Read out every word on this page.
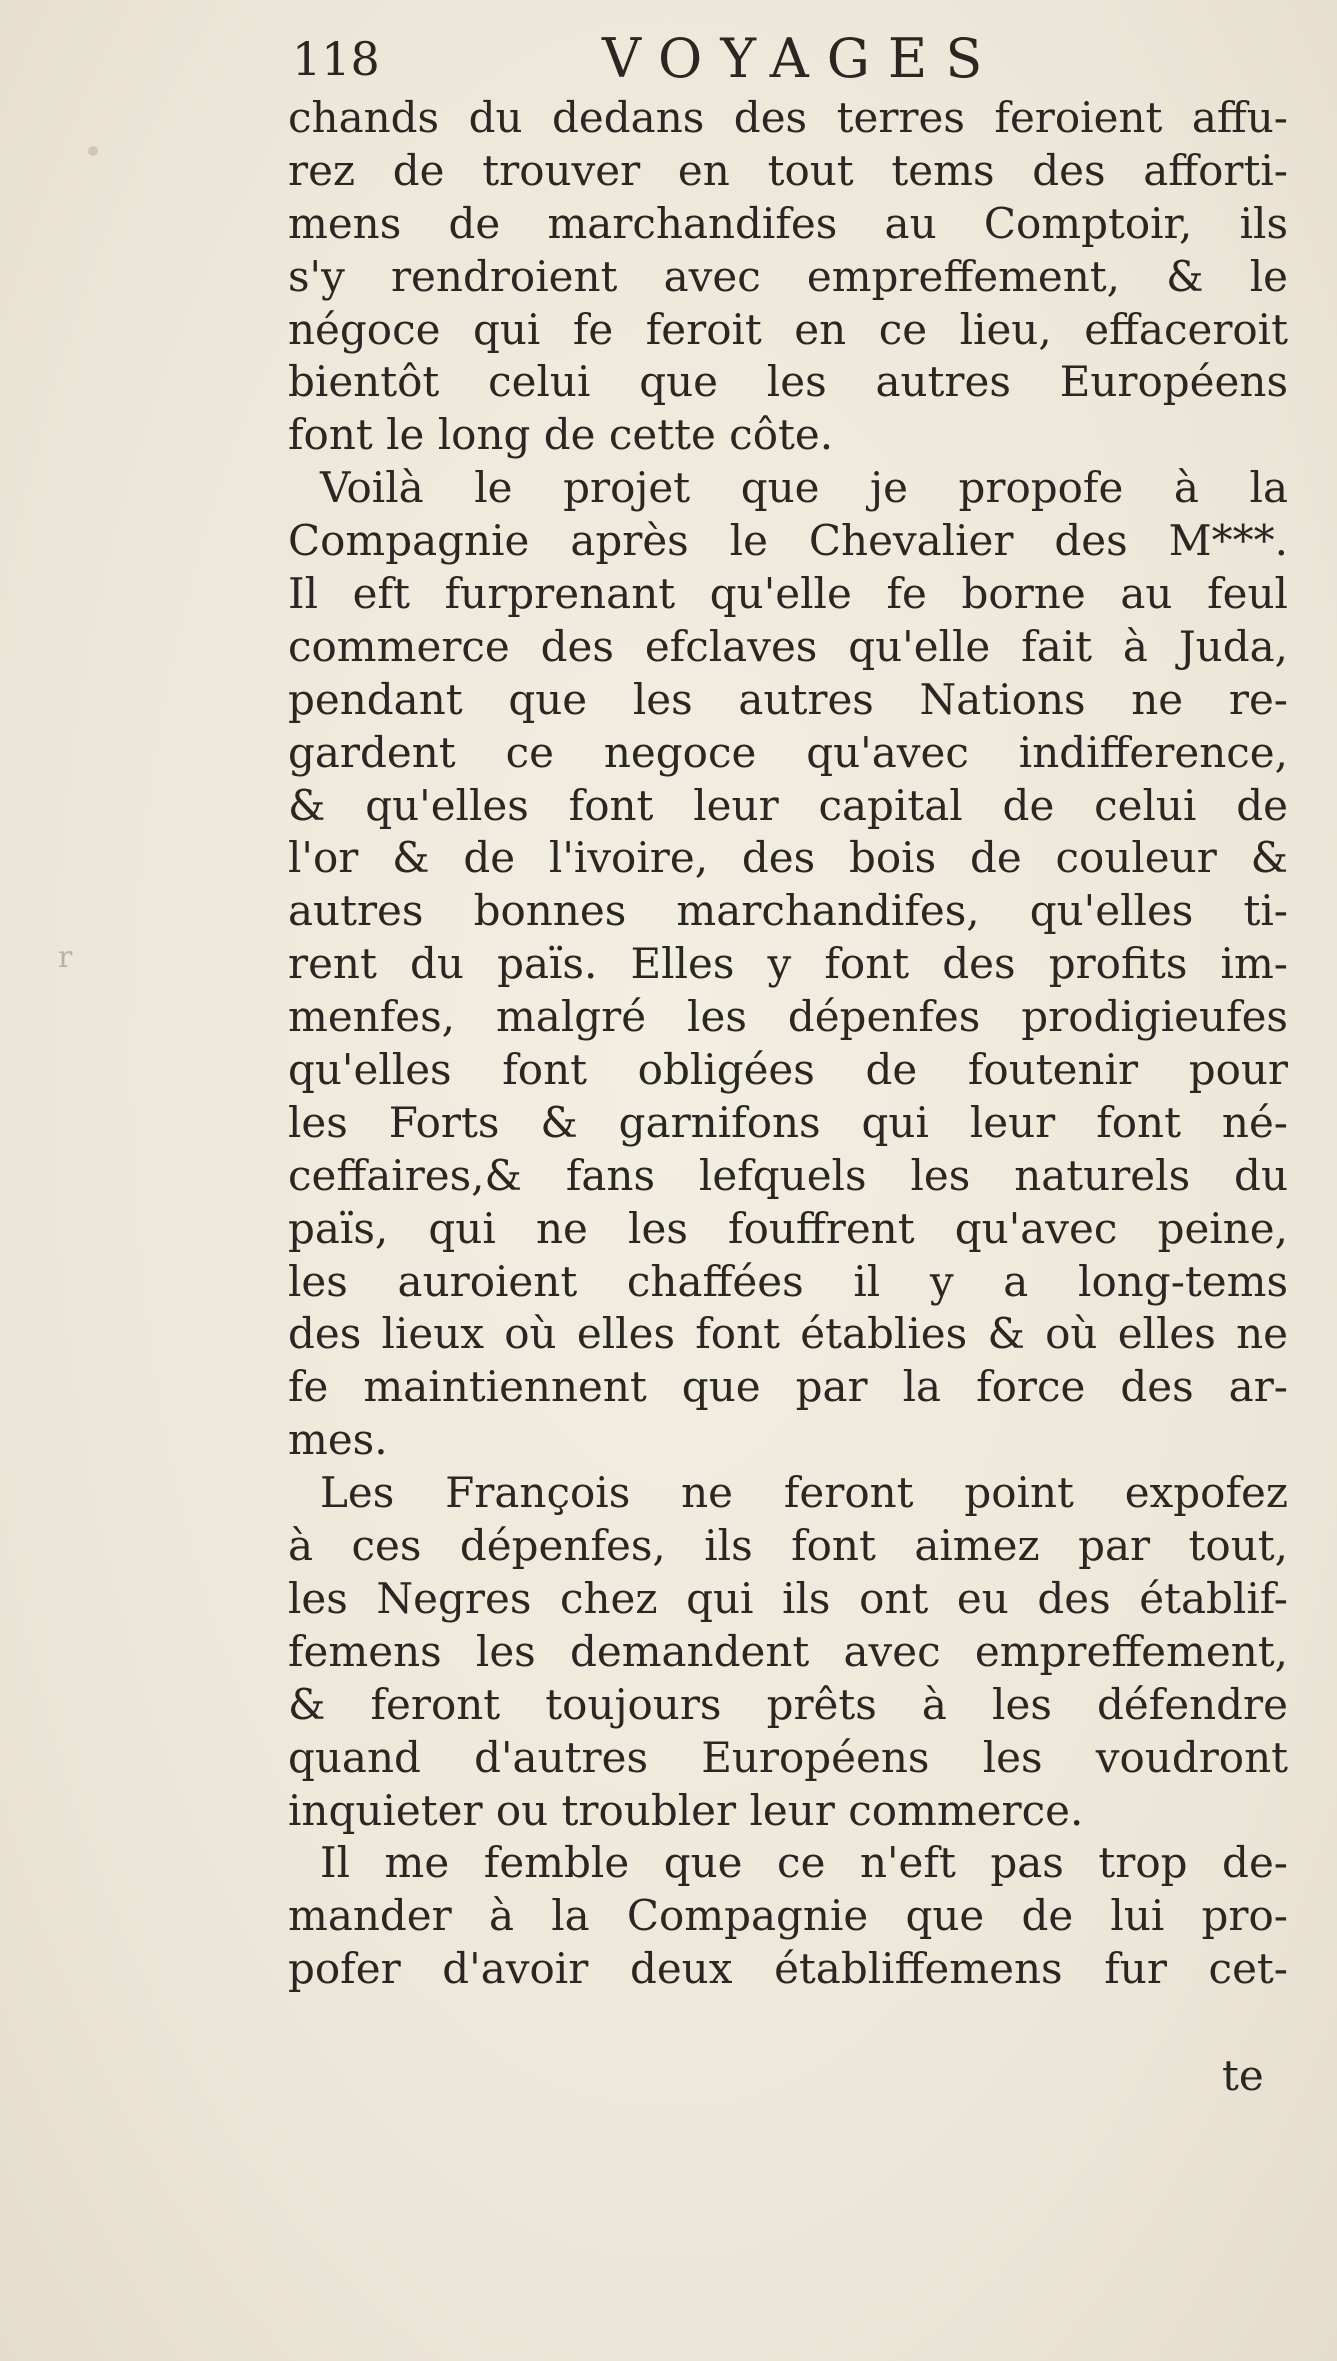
r
118	VOYAGES
chands du dedans des terres feroient affu-
rez de trouver en tout tems des afforti-
mens de marchandifes au Comptoir, ils
s'y rendroient avec empreffement, & le
négoce qui fe feroit en ce lieu, effaceroit
bientôt celui que les autres Européens
font le long de cette côte.
Voilà le projet que je propofe à la
Compagnie après le Chevalier des M***.
Il eft furprenant qu'elle fe borne au feul
commerce des efclaves qu'elle fait à Juda,
pendant que les autres Nations ne re-
gardent ce negoce qu'avec indifference,
& qu'elles font leur capital de celui de
l'or & de l'ivoire, des bois de couleur &
autres bonnes marchandifes, qu'elles ti-
rent du païs. Elles y font des profits im-
menfes, malgré les dépenfes prodigieufes
qu'elles font obligées de foutenir pour
les Forts & garnifons qui leur font né-
ceffaires,& fans lefquels les naturels du
païs, qui ne les fouffrent qu'avec peine,
les auroient chaffées il y a long-tems
des lieux où elles font établies & où elles ne
fe maintiennent que par la force des ar-
mes.
Les François ne feront point expofez
à ces dépenfes, ils font aimez par tout,
les Negres chez qui ils ont eu des établif-
femens les demandent avec empreffement,
& feront toujours prêts à les défendre
quand d'autres Européens les voudront
inquieter ou troubler leur commerce.
Il me femble que ce n'eft pas trop de-
mander à la Compagnie que de lui pro-
pofer d'avoir deux établiffemens fur cet-
te
